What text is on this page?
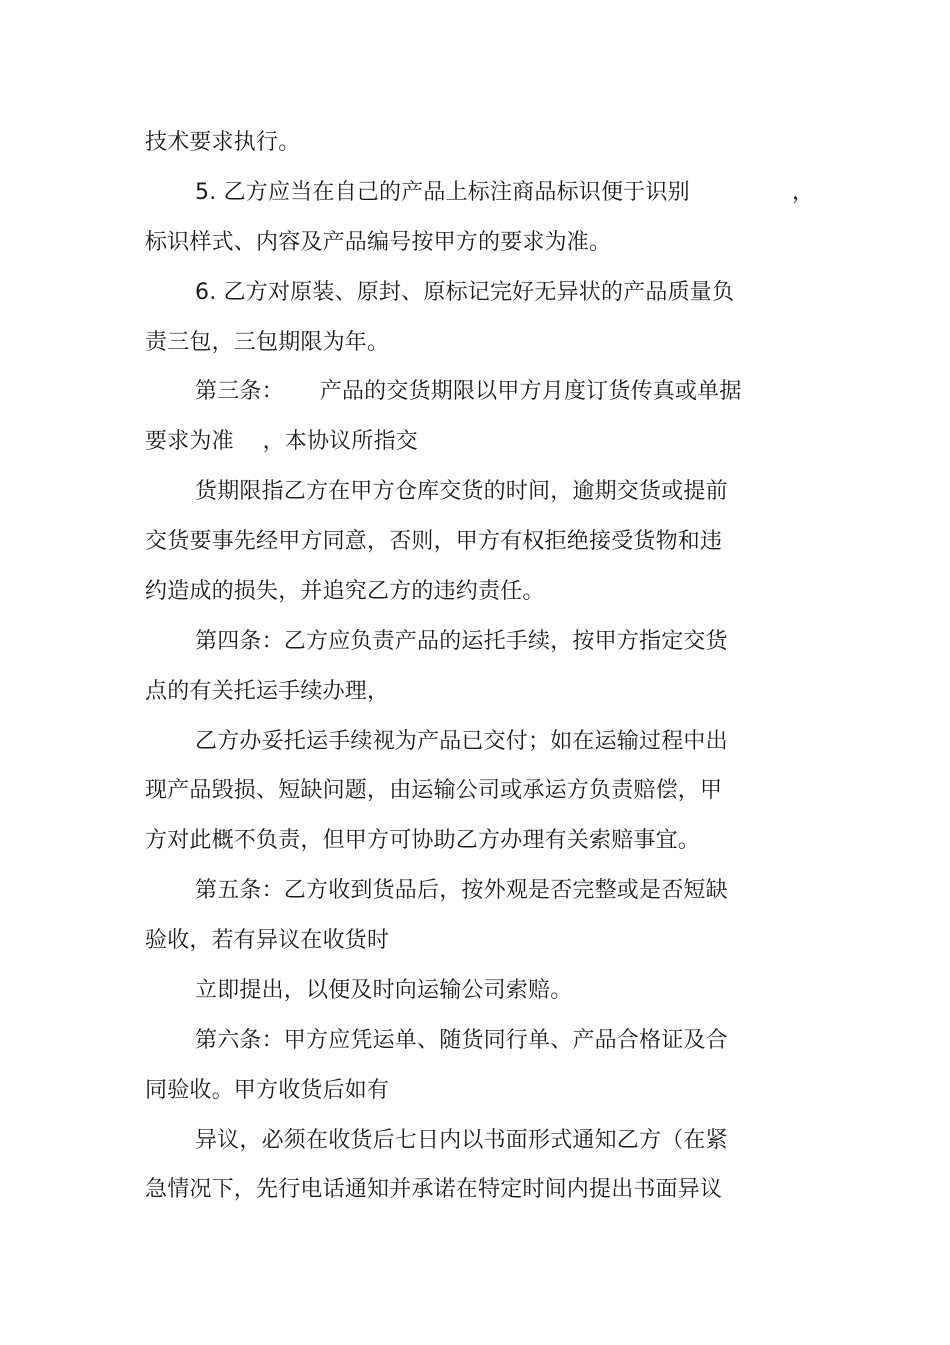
技术要求执行。

5. 乙方应当在自己的产品上标注商品标识便于识别	，

标识样式、内容及产品编号按甲方的要求为准。

6. 乙方对原装、原封、原标记完好无异状的产品质量负

责三包，三包期限为年。

第三条：     产品的交货期限以甲方月度订货传真或单据

要求为准    ，本协议所指交

货期限指乙方在甲方仓库交货的时间，逾期交货或提前

交货要事先经甲方同意，否则，甲方有权拒绝接受货物和违

约造成的损失，并追究乙方的违约责任。

第四条：乙方应负责产品的运托手续，按甲方指定交货

点的有关托运手续办理，

乙方办妥托运手续视为产品已交付；如在运输过程中出

现产品毁损、短缺问题，由运输公司或承运方负责赔偿，甲

方对此概不负责，但甲方可协助乙方办理有关索赔事宜。

第五条：乙方收到货品后，按外观是否完整或是否短缺

验收，若有异议在收货时

立即提出，以便及时向运输公司索赔。

第六条：甲方应凭运单、随货同行单、产品合格证及合

同验收。甲方收货后如有

异议，必须在收货后七日内以书面形式通知乙方（在紧

急情况下，先行电话通知并承诺在特定时间内提出书面异议
